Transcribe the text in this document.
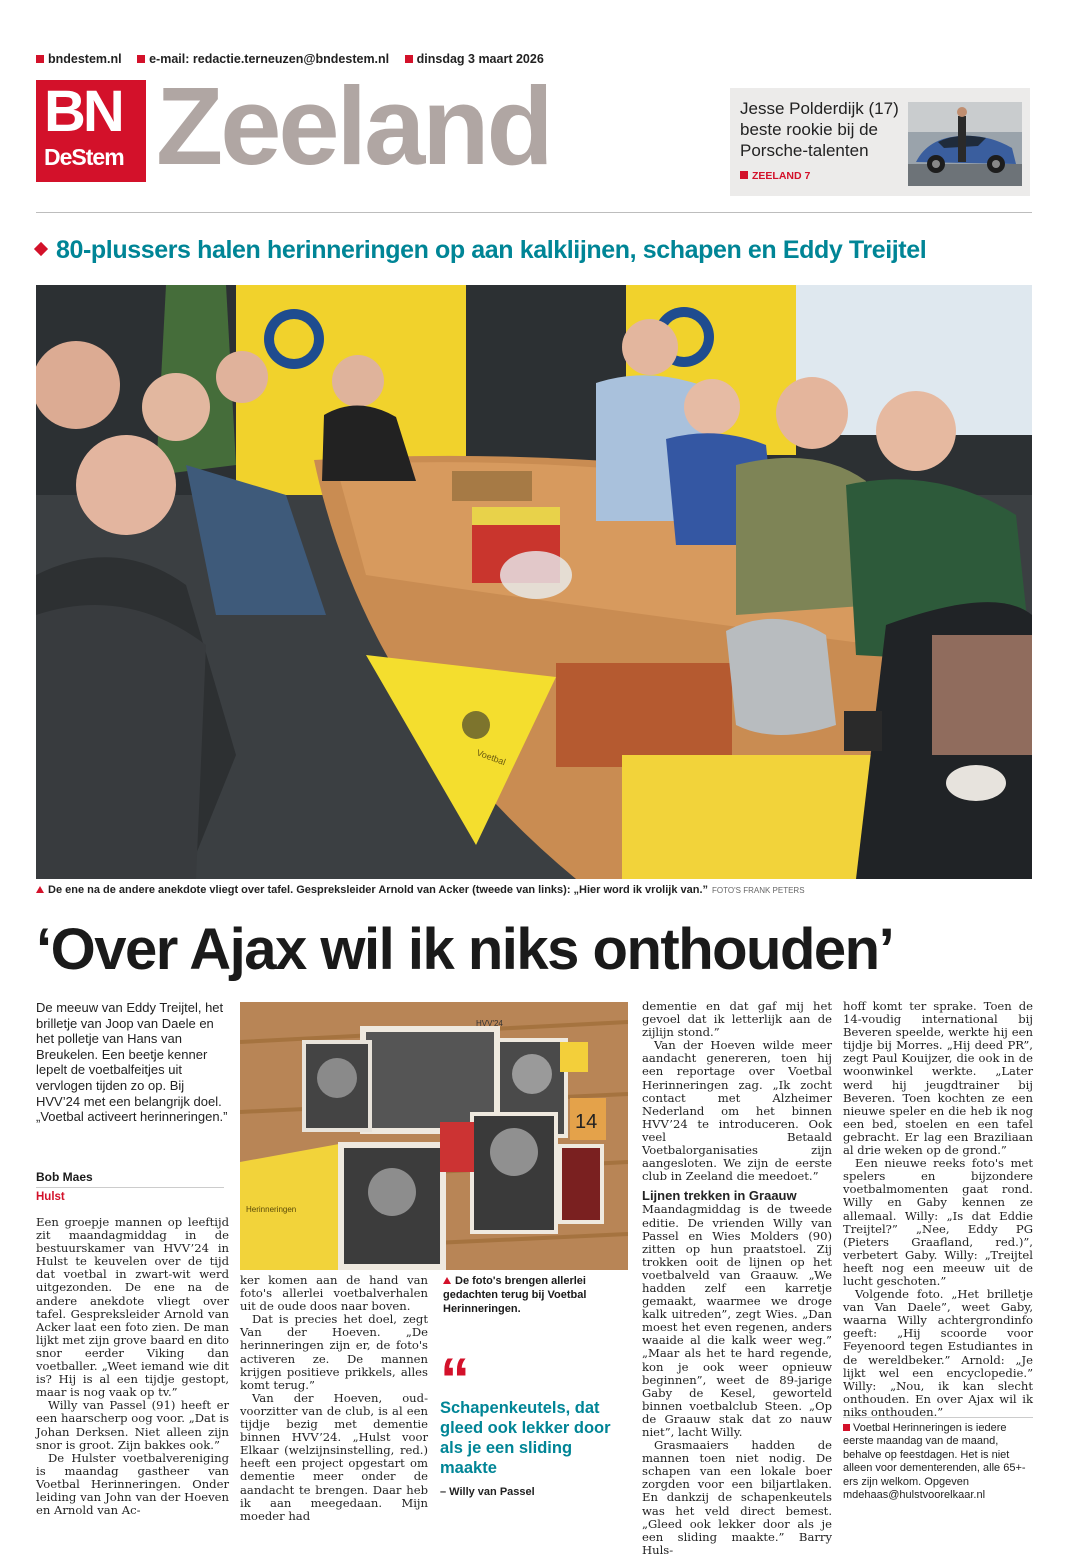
bndestem.nl e-mail: redactie.terneuzen@bndestem.nl dinsdag 3 maart 2026
BN
DeStem Zeeland	Jesse Polderdijk (17) beste rookie bij de Porsche-talenten
ZEELAND 7
80-plussers halen herinneringen op aan kalklijnen, schapen en Eddy Treijtel
Voetbal
De ene na de andere anekdote vliegt over tafel. Gespreksleider Arnold van Acker (tweede van links): „Hier word ik vrolijk van.” FOTO'S FRANK PETERS
‘Over Ajax wil ik niks onthouden’
De meeuw van Eddy Treijtel, het brilletje van Joop van Daele en het polletje van Hans van Breukelen. Een beetje kenner lepelt de voetbalfeitjes uit vervlogen tijden zo op. Bij HVV’24 met een belangrijk doel. „Voetbal activeert herinneringen.”
Bob Maes
Hulst

Een groepje mannen op leeftijd zit maandagmiddag in de bestuurskamer van HVV’24 in Hulst te keuvelen over de tijd dat voetbal in zwart-wit werd uitgezonden. De ene na de andere anekdote vliegt over tafel. Gespreksleider Arnold van Acker laat een foto zien. De man lijkt met zijn grove baard en dito snor eerder Viking dan voetballer. „Weet iemand wie dit is? Hij is al een tijdje gestopt, maar is nog vaak op tv.”

Willy van Passel (91) heeft er een haarscherp oog voor. „Dat is Johan Derksen. Niet alleen zijn snor is groot. Zijn bakkes ook.”

De Hulster voetbalvereniging is maandag gastheer van Voetbal Herinneringen. Onder leiding van John van der Hoeven en Arnold van Ac-

14
Herinneringen
HVV'24

ker komen aan de hand van foto's allerlei voetbalverhalen uit de oude doos naar boven.

Dat is precies het doel, zegt Van der Hoeven. „De herinneringen zijn er, de foto's activeren ze. De mannen krijgen positieve prikkels, alles komt terug.”

Van der Hoeven, oud-voorzitter van de club, is al een tijdje bezig met dementie binnen HVV’24. „Hulst voor Elkaar (welzijnsinstelling, red.) heeft een project opgestart om dementie meer onder de aandacht te brengen. Daar heb ik aan meegedaan. Mijn moeder had

De foto's brengen allerlei gedachten terug bij Voetbal Herinneringen.
“
Schapenkeutels, dat gleed ook lekker door als je een sliding maakte
– Willy van Passel

dementie en dat gaf mij het gevoel dat ik letterlijk aan de zijlijn stond.”

Van der Hoeven wilde meer aandacht genereren, toen hij een reportage over Voetbal Herinneringen zag. „Ik zocht contact met Alzheimer Nederland om het binnen HVV’24 te introduceren. Ook veel Betaald Voetbalorganisaties zijn aangesloten. We zijn de eerste club in Zeeland die meedoet.”

Lijnen trekken in Graauw

Maandagmiddag is de tweede editie. De vrienden Willy van Passel en Wies Molders (90) zitten op hun praatstoel. Zij trokken ooit de lijnen op het voetbalveld van Graauw. „We hadden zelf een karretje gemaakt, waarmee we droge kalk uitreden”, zegt Wies. „Dan moest het even regenen, anders waaide al die kalk weer weg.” „Maar als het te hard regende, kon je ook weer opnieuw beginnen”, weet de 89-jarige Gaby de Kesel, geworteld binnen voetbalclub Steen. „Op de Graauw stak dat zo nauw niet”, lacht Willy.

Grasmaaiers hadden de mannen toen niet nodig. De schapen van een lokale boer zorgden voor een biljartlaken. En dankzij de schapenkeutels was het veld direct bemest. „Gleed ook lekker door als je een sliding maakte.” Barry Huls-

hoff komt ter sprake. Toen de 14-voudig international bij Beveren speelde, werkte hij een tijdje bij Morres. „Hij deed PR”, zegt Paul Kouijzer, die ook in de woonwinkel werkte. „Later werd hij jeugdtrainer bij Beveren. Toen kochten ze een nieuwe speler en die heb ik nog een bed, stoelen en een tafel gebracht. Er lag een Braziliaan al drie weken op de grond.”

Een nieuwe reeks foto's met spelers en bijzondere voetbalmomenten gaat rond. Willy en Gaby kennen ze allemaal. Willy: „Is dat Eddie Treijtel?” „Nee, Eddy PG (Pieters Graafland, red.)”, verbetert Gaby. Willy: „Treijtel heeft nog een meeuw uit de lucht geschoten.”

Volgende foto. „Het brilletje van Van Daele”, weet Gaby, waarna Willy achtergrondinfo geeft: „Hij scoorde voor Feyenoord tegen Estudiantes in de wereldbeker.” Arnold: „Je lijkt wel een encyclopedie.” Willy: „Nou, ik kan slecht onthouden. En over Ajax wil ik niks onthouden.”

Voetbal Herinneringen is iedere eerste maandag van de maand, behalve op feestdagen. Het is niet alleen voor dementerenden, alle 65+-ers zijn welkom. Opgeven mdehaas@hulstvoorelkaar.nl
